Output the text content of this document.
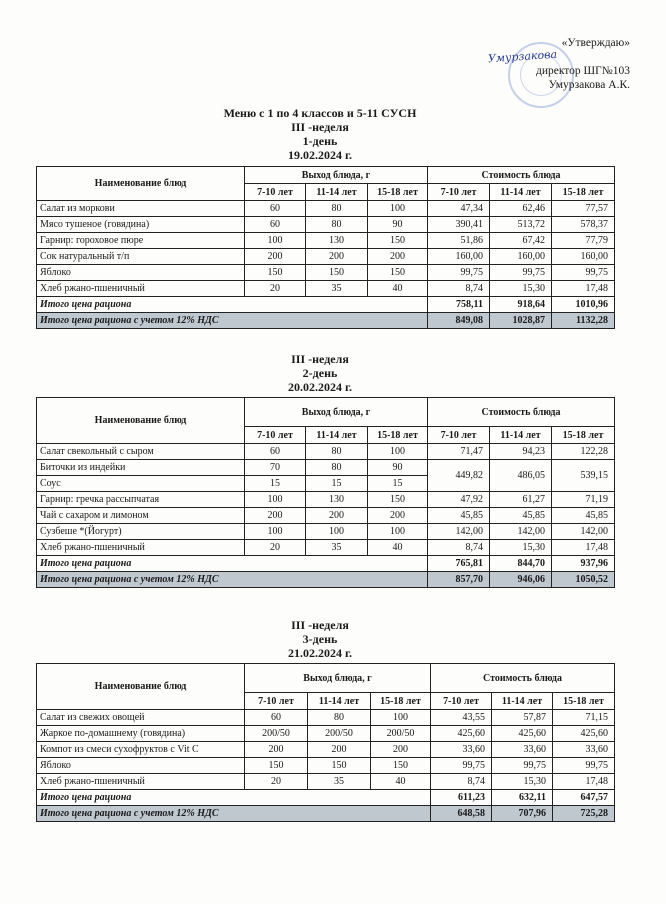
Умурзакова
«Утверждаю»
директор ШГ№103
Умурзакова А.К.
Меню с 1 по 4 классов и 5-11 СУСН
III -неделя
1-день
19.02.2024 г.
Наименование блюд	Выход блюда, г			Стоимость блюда		
	7-10 лет	11-14 лет	15-18 лет	7-10 лет	11-14 лет	15-18 лет
Салат из моркови	60	80	100	47,34	62,46	77,57
Мясо тушеное (говядина)	60	80	90	390,41	513,72	578,37
Гарнир: гороховое пюре	100	130	150	51,86	67,42	77,79
Сок натуральный т/п	200	200	200	160,00	160,00	160,00
Яблоко	150	150	150	99,75	99,75	99,75
Хлеб ржано-пшеничный	20	35	40	8,74	15,30	17,48
Итого цена рациона				758,11	918,64	1010,96
Итого цена рациона с учетом 12% НДС				849,08	1028,87	1132,28
III -неделя
2-день
20.02.2024 г.
Наименование блюд	Выход блюда, г			Стоимость блюда		
	7-10 лет	11-14 лет	15-18 лет	7-10 лет	11-14 лет	15-18 лет
Салат свекольный с сыром	60	80	100	71,47	94,23	122,28
Биточки из индейки	70	80	90	449,82	486,05	539,15
Соус	15	15	15			
Гарнир: гречка рассыпчатая	100	130	150	47,92	61,27	71,19
Чай с сахаром и лимоном	200	200	200	45,85	45,85	45,85
Сузбеше *(Йогурт)	100	100	100	142,00	142,00	142,00
Хлеб ржано-пшеничный	20	35	40	8,74	15,30	17,48
Итого цена рациона				765,81	844,70	937,96
Итого цена рациона с учетом 12% НДС				857,70	946,06	1050,52
III -неделя
3-день
21.02.2024 г.
Наименование блюд	Выход блюда, г			Стоимость блюда		
	7-10 лет	11-14 лет	15-18 лет	7-10 лет	11-14 лет	15-18 лет
Салат из свежих овощей	60	80	100	43,55	57,87	71,15
Жаркое по-домашнему (говядина)	200/50	200/50	200/50	425,60	425,60	425,60
Компот из смеси сухофруктов с Vit C	200	200	200	33,60	33,60	33,60
Яблоко	150	150	150	99,75	99,75	99,75
Хлеб ржано-пшеничный	20	35	40	8,74	15,30	17,48
Итого цена рациона				611,23	632,11	647,57
Итого цена рациона с учетом 12% НДС				648,58	707,96	725,28
